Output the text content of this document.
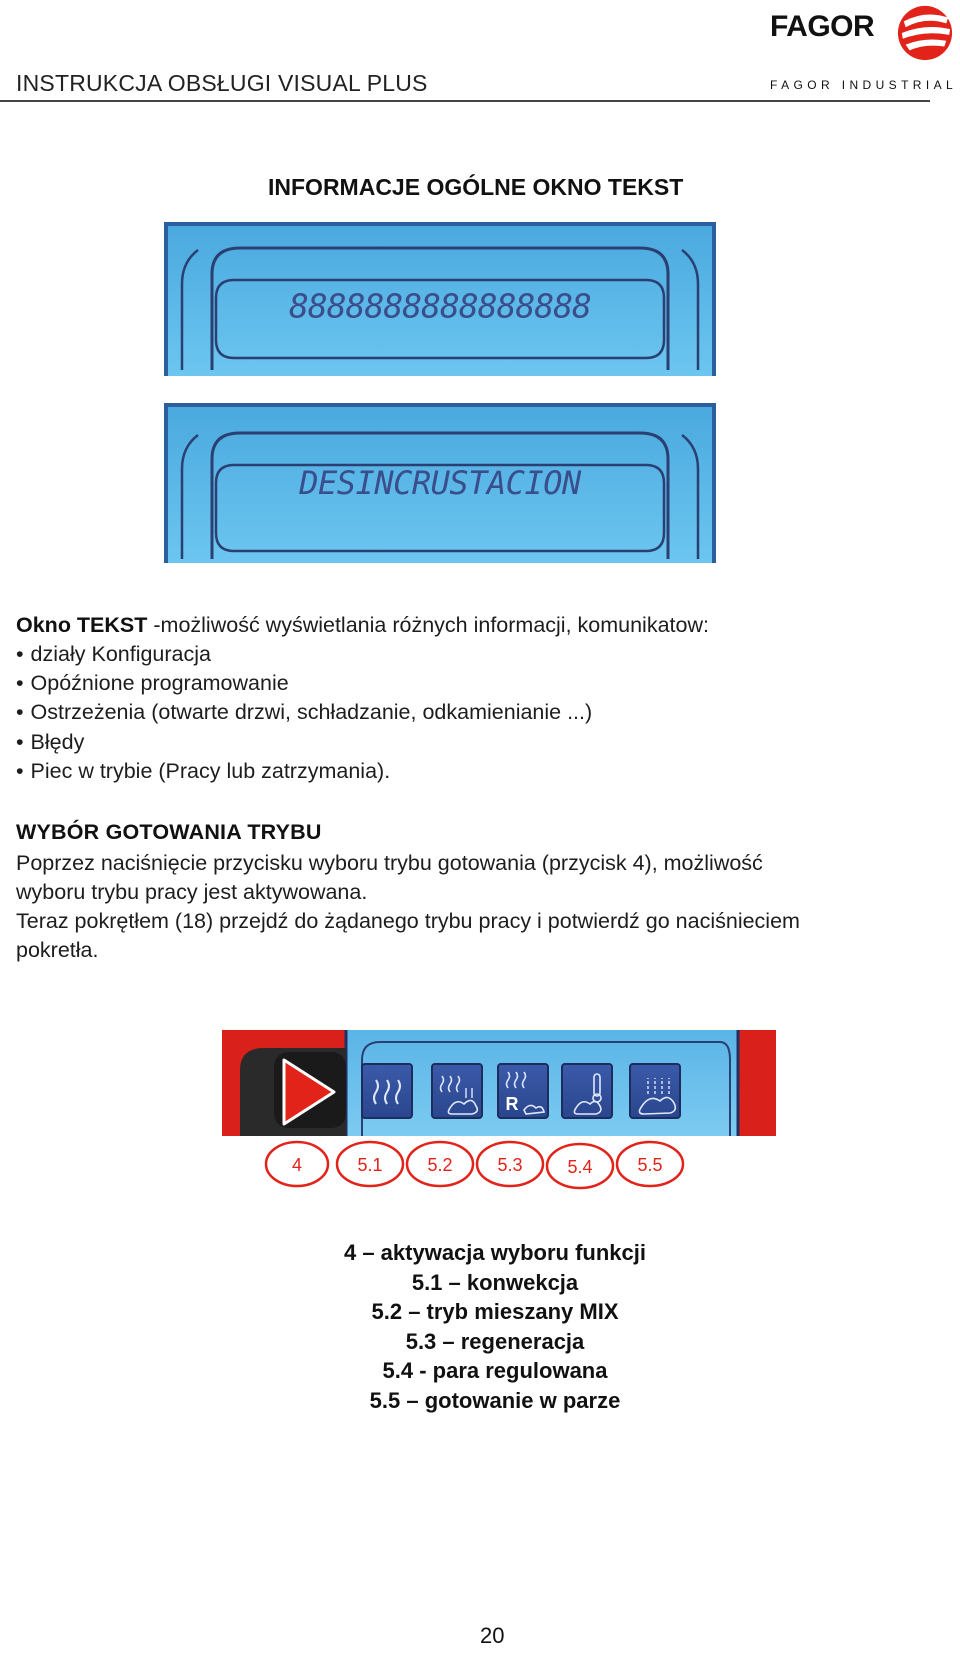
INSTRUKCJA OBSŁUGI VISUAL PLUS
FAGOR
FAGOR INDUSTRIAL
INFORMACJE OGÓLNE OKNO TEKST
8888888888888888
DESINCRUSTACION
Okno TEKST -możliwość wyświetlania różnych informacji, komunikatow:
• działy Konfiguracja
• Opóźnione programowanie
• Ostrzeżenia (otwarte drzwi, schładzanie, odkamienianie ...)
• Błędy
• Piec w trybie (Pracy lub zatrzymania).
WYBÓR GOTOWANIA TRYBU

Poprzez naciśnięcie przycisku wyboru trybu gotowania (przycisk 4), możliwość

wyboru trybu pracy jest aktywowana.

Teraz pokrętłem (18) przejdź do żądanego trybu pracy i potwierdź go naciśnieciem

pokretła.

R
4	5.1 5.2 5.3 5.4 5.5
4 – aktywacja wyboru funkcji
5.1 – konwekcja
5.2 – tryb mieszany MIX
5.3 – regeneracja
5.4 - para regulowana
5.5 – gotowanie w parze
20
